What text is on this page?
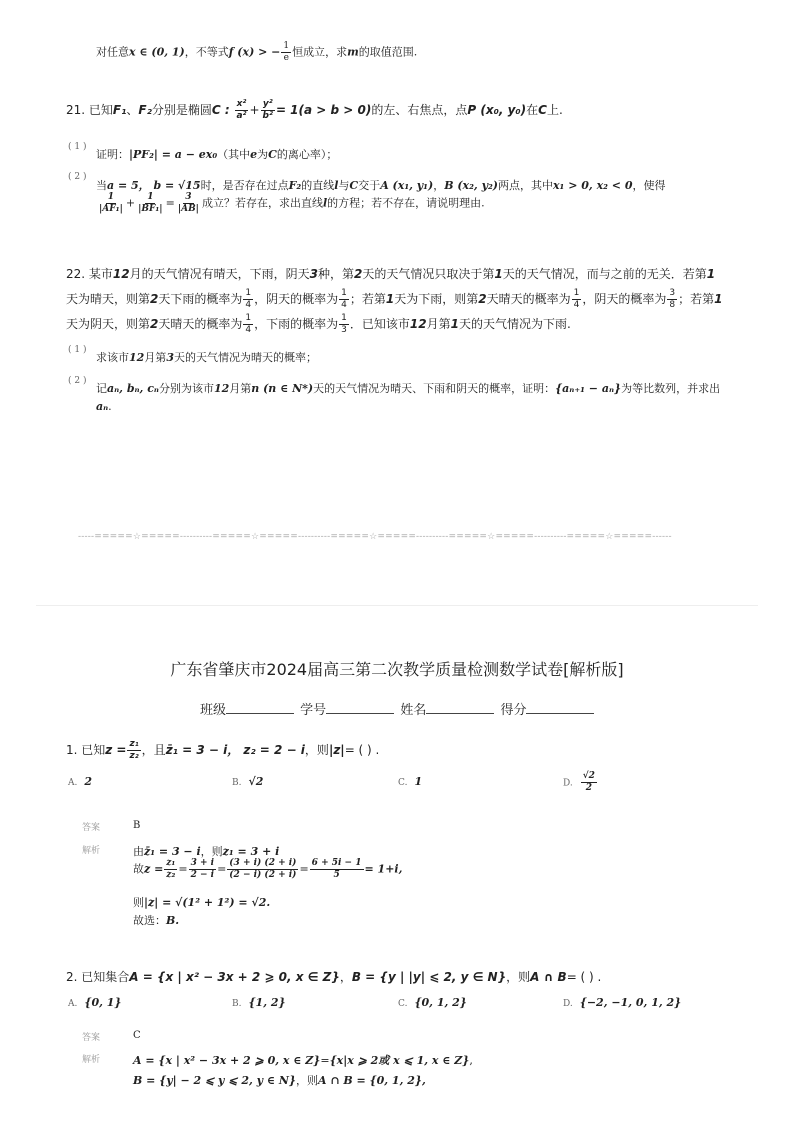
对任意x ∈ (0, 1)，不等式f (x) > − $\frac{1}{e}$ 恒成立，求m的取值范围.
21. 已知F₁、F₂分别是椭圆C : $\frac{\text{x²}}{\text{a²}} + \frac{\text{y²}}{\text{b²}} = 1(a > b > 0)$的左、右焦点，点P (x₀, y₀)在C上.
( 1 )
证明：|PF₂| = a − ex₀（其中e为C的离心率）；
( 2 )
当a = 5， b = √15时，是否存在过点F₂的直线l与C交于A (x₁, y₁)，B (x₂, y₂)两点，其中x₁ > 0, x₂ < 0，使得
$\frac{1}{\text{|AF₁|}} + \frac{1}{\text{|BF₁|}} = \frac{3}{|AB|}$ 成立？若存在，求出直线l的方程；若不存在，请说明理由.
22. 某市12月的天气情况有晴天，下雨，阴天3种，第2天的天气情况只取决于第1天的天气情况，而与之前的无关．若第1天为晴天，则第2天下雨的概率为 $\frac{1}{4}$ ，阴天的概率为 $\frac{1}{4}$ ；若第1天为下雨，则第2天晴天的概率为 $\frac{1}{4}$ ，阴天的概率为 $\frac{3}{8}$ ；若第1天为阴天，则第2天晴天的概率为 $\frac{1}{4}$ ，下雨的概率为 $\frac{1}{3}$ ．已知该市12月第1天的天气情况为下雨.
( 1 )
求该市12月第3天的天气情况为晴天的概率；
( 2 )
记aₙ, bₙ, cₙ分别为该市12月第n (n ∈ N*)天的天气情况为晴天、下雨和阴天的概率，证明：{aₙ₊₁ − aₙ}为等比数列，并求出
aₙ.
-----=====☆=====----------=====☆=====----------=====☆=====----------=====☆=====----------=====☆=====------
广东省肇庆市2024届高三第二次教学质量检测数学试卷[解析版]
班级	学号	姓名	得分
1. 已知$z = \frac{\text{z₁}}{\text{z₂}}$ ，且z̄₁ = 3 − i， z₂ = 2 − i，则|z|= ( ) .
A. 2	B. √2	C. 1	D. $\frac{√2}{2}$
答案	B
解析	由z̄₁ = 3 − i，则z₁ = 3 + i
故$z = \frac{\text{z₁}}{\text{z₂}} = \frac{3 + i}{2 - i} = \frac{(3 + i) (2 + i)}{(2 - i) (2 + i)} = \frac{6 + 5i - 1}{5} = 1+i$,
则|z| = √(1² + 1²) = √2.
故选：B.
2. 已知集合A = {x | x² − 3x + 2 ⩾ 0, x ∈ Z}，B = {y | |y| ⩽ 2, y ∈ N}，则A ∩ B= ( ) .
A. {0, 1}	B. {1, 2}	C. {0, 1, 2}	D. {−2, −1, 0, 1, 2}
答案	C
解析	A = {x | x² − 3x + 2 ⩾ 0, x ∈ Z}={x|x ⩾ 2或 x ⩽ 1, x ∈ Z},
B = {y| − 2 ⩽ y ⩽ 2, y ∈ N}，则A ∩ B = {0, 1, 2},
